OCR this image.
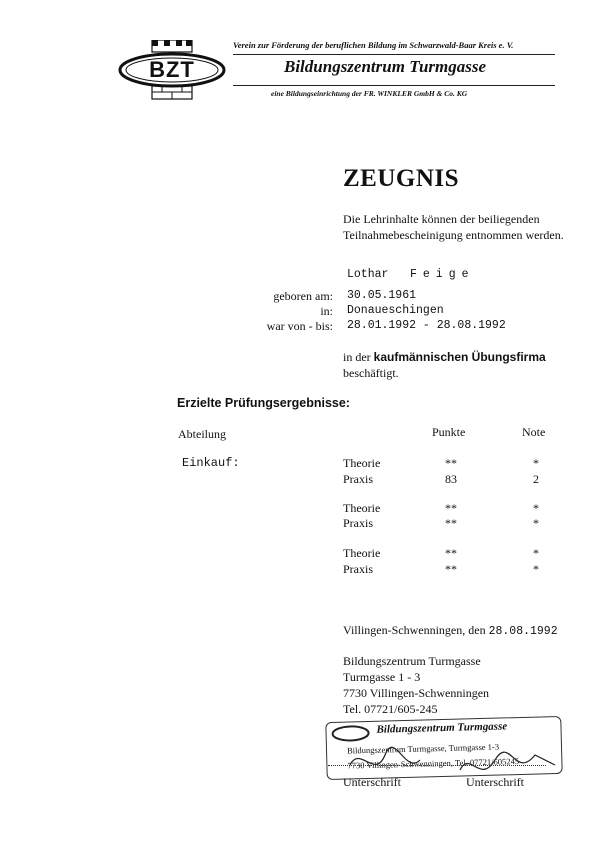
BZT
Verein zur Förderung der beruflichen Bildung im Schwarzwald-Baar Kreis e. V.
Bildungszentrum Turmgasse
eine Bildungseinrichtung der FR. WINKLER GmbH & Co. KG
ZEUGNIS
Die Lehrinhalte können der beiliegenden Teilnahmebescheinigung entnommen werden.
Lothar Feige
geboren am: 30.05.1961
in: Donaueschingen
war von - bis: 28.01.1992 - 28.08.1992
in der kaufmännischen Übungsfirma
beschäftigt.
Erzielte Prüfungsergebnisse:
Abteilung	Punkte	Note
Einkauf:	Theorie	**	*
Praxis	83	2
Theorie	**	*
Praxis	**	*
Theorie	**	*
Praxis	**	*
Villingen-Schwenningen, den 28.08.1992
Bildungszentrum Turmgasse
Turmgasse 1 - 3
7730 Villingen-Schwenningen
Tel. 07721/605-245
Bildungszentrum Turmgasse
Bildungszentrum Turmgasse, Turmgasse 1-3
7730 Villingen-Schwenningen, Tel. 07721/605245
Unterschrift	Unterschrift
